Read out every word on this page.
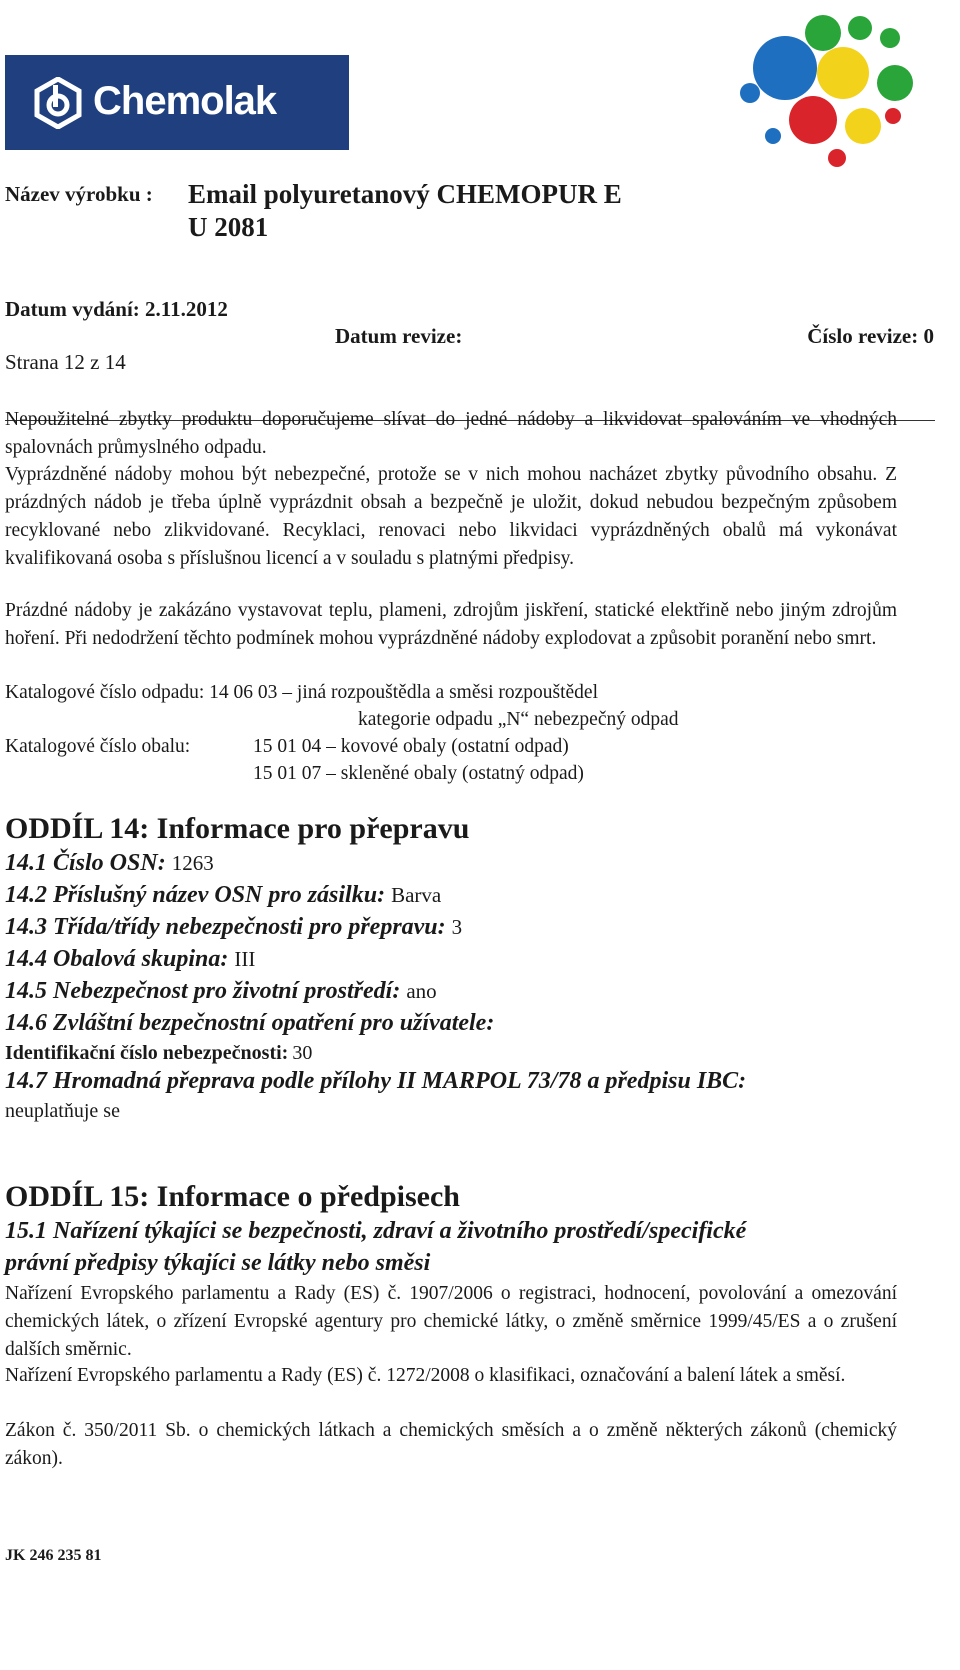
Chemolak
Název výrobku : Email polyuretanový CHEMOPUR E
U 2081
Datum vydání: 2.11.2012
Datum revize:	Číslo revize: 0
Strana 12 z 14
Nepoužitelné zbytky produktu doporučujeme slívat do jedné nádoby a likvidovat spalováním ve vhodných spalovnách průmyslného odpadu.
Vyprázdněné nádoby mohou být nebezpečné, protože se v nich mohou nacházet zbytky původního obsahu. Z prázdných nádob je třeba úplně vyprázdnit obsah a bezpečně je uložit, dokud nebudou bezpečným způsobem recyklované nebo zlikvidované. Recyklaci, renovaci nebo likvidaci vyprázdněných obalů má vykonávat kvalifikovaná osoba s příslušnou licencí a v souladu s platnými předpisy.
Prázdné nádoby je zakázáno vystavovat teplu, plameni, zdrojům jiskření, statické elektřině nebo jiným zdrojům hoření. Při nedodržení těchto podmínek mohou vyprázdněné nádoby explodovat a způsobit poranění nebo smrt.
Katalogové číslo odpadu: 14 06 03 – jiná rozpouštědla a směsi rozpouštědel
kategorie odpadu „N“ nebezpečný odpad
Katalogové číslo obalu:	15 01 04 – kovové obaly (ostatní odpad)
15 01 07 – skleněné obaly (ostatný odpad)
ODDÍL 14: Informace pro přepravu
14.1 Číslo OSN: 1263
14.2 Příslušný název OSN pro zásilku: Barva
14.3 Třída/třídy nebezpečnosti pro přepravu: 3
14.4 Obalová skupina: III
14.5 Nebezpečnost pro životní prostředí: ano
14.6 Zvláštní bezpečnostní opatření pro užívatele:
Identifikační číslo nebezpečnosti: 30
14.7 Hromadná přeprava podle přílohy II MARPOL 73/78 a předpisu IBC:
neuplatňuje se
ODDÍL 15: Informace o předpisech
15.1 Nařízení týkajíci se bezpečnosti, zdraví a životního prostředí/specifické
právní předpisy týkajíci se látky nebo směsi
Nařízení Evropského parlamentu a Rady (ES) č. 1907/2006 o registraci, hodnocení, povolování a omezování chemických látek, o zřízení Evropské agentury pro chemické látky, o změně směrnice 1999/45/ES a o zrušení dalších směrnic.
Nařízení Evropského parlamentu a Rady (ES) č. 1272/2008 o klasifikaci, označování a balení látek a směsí.
Zákon č. 350/2011 Sb. o chemických látkach a chemických směsích a o změně některých zákonů (chemický zákon).
JK 246 235 81
